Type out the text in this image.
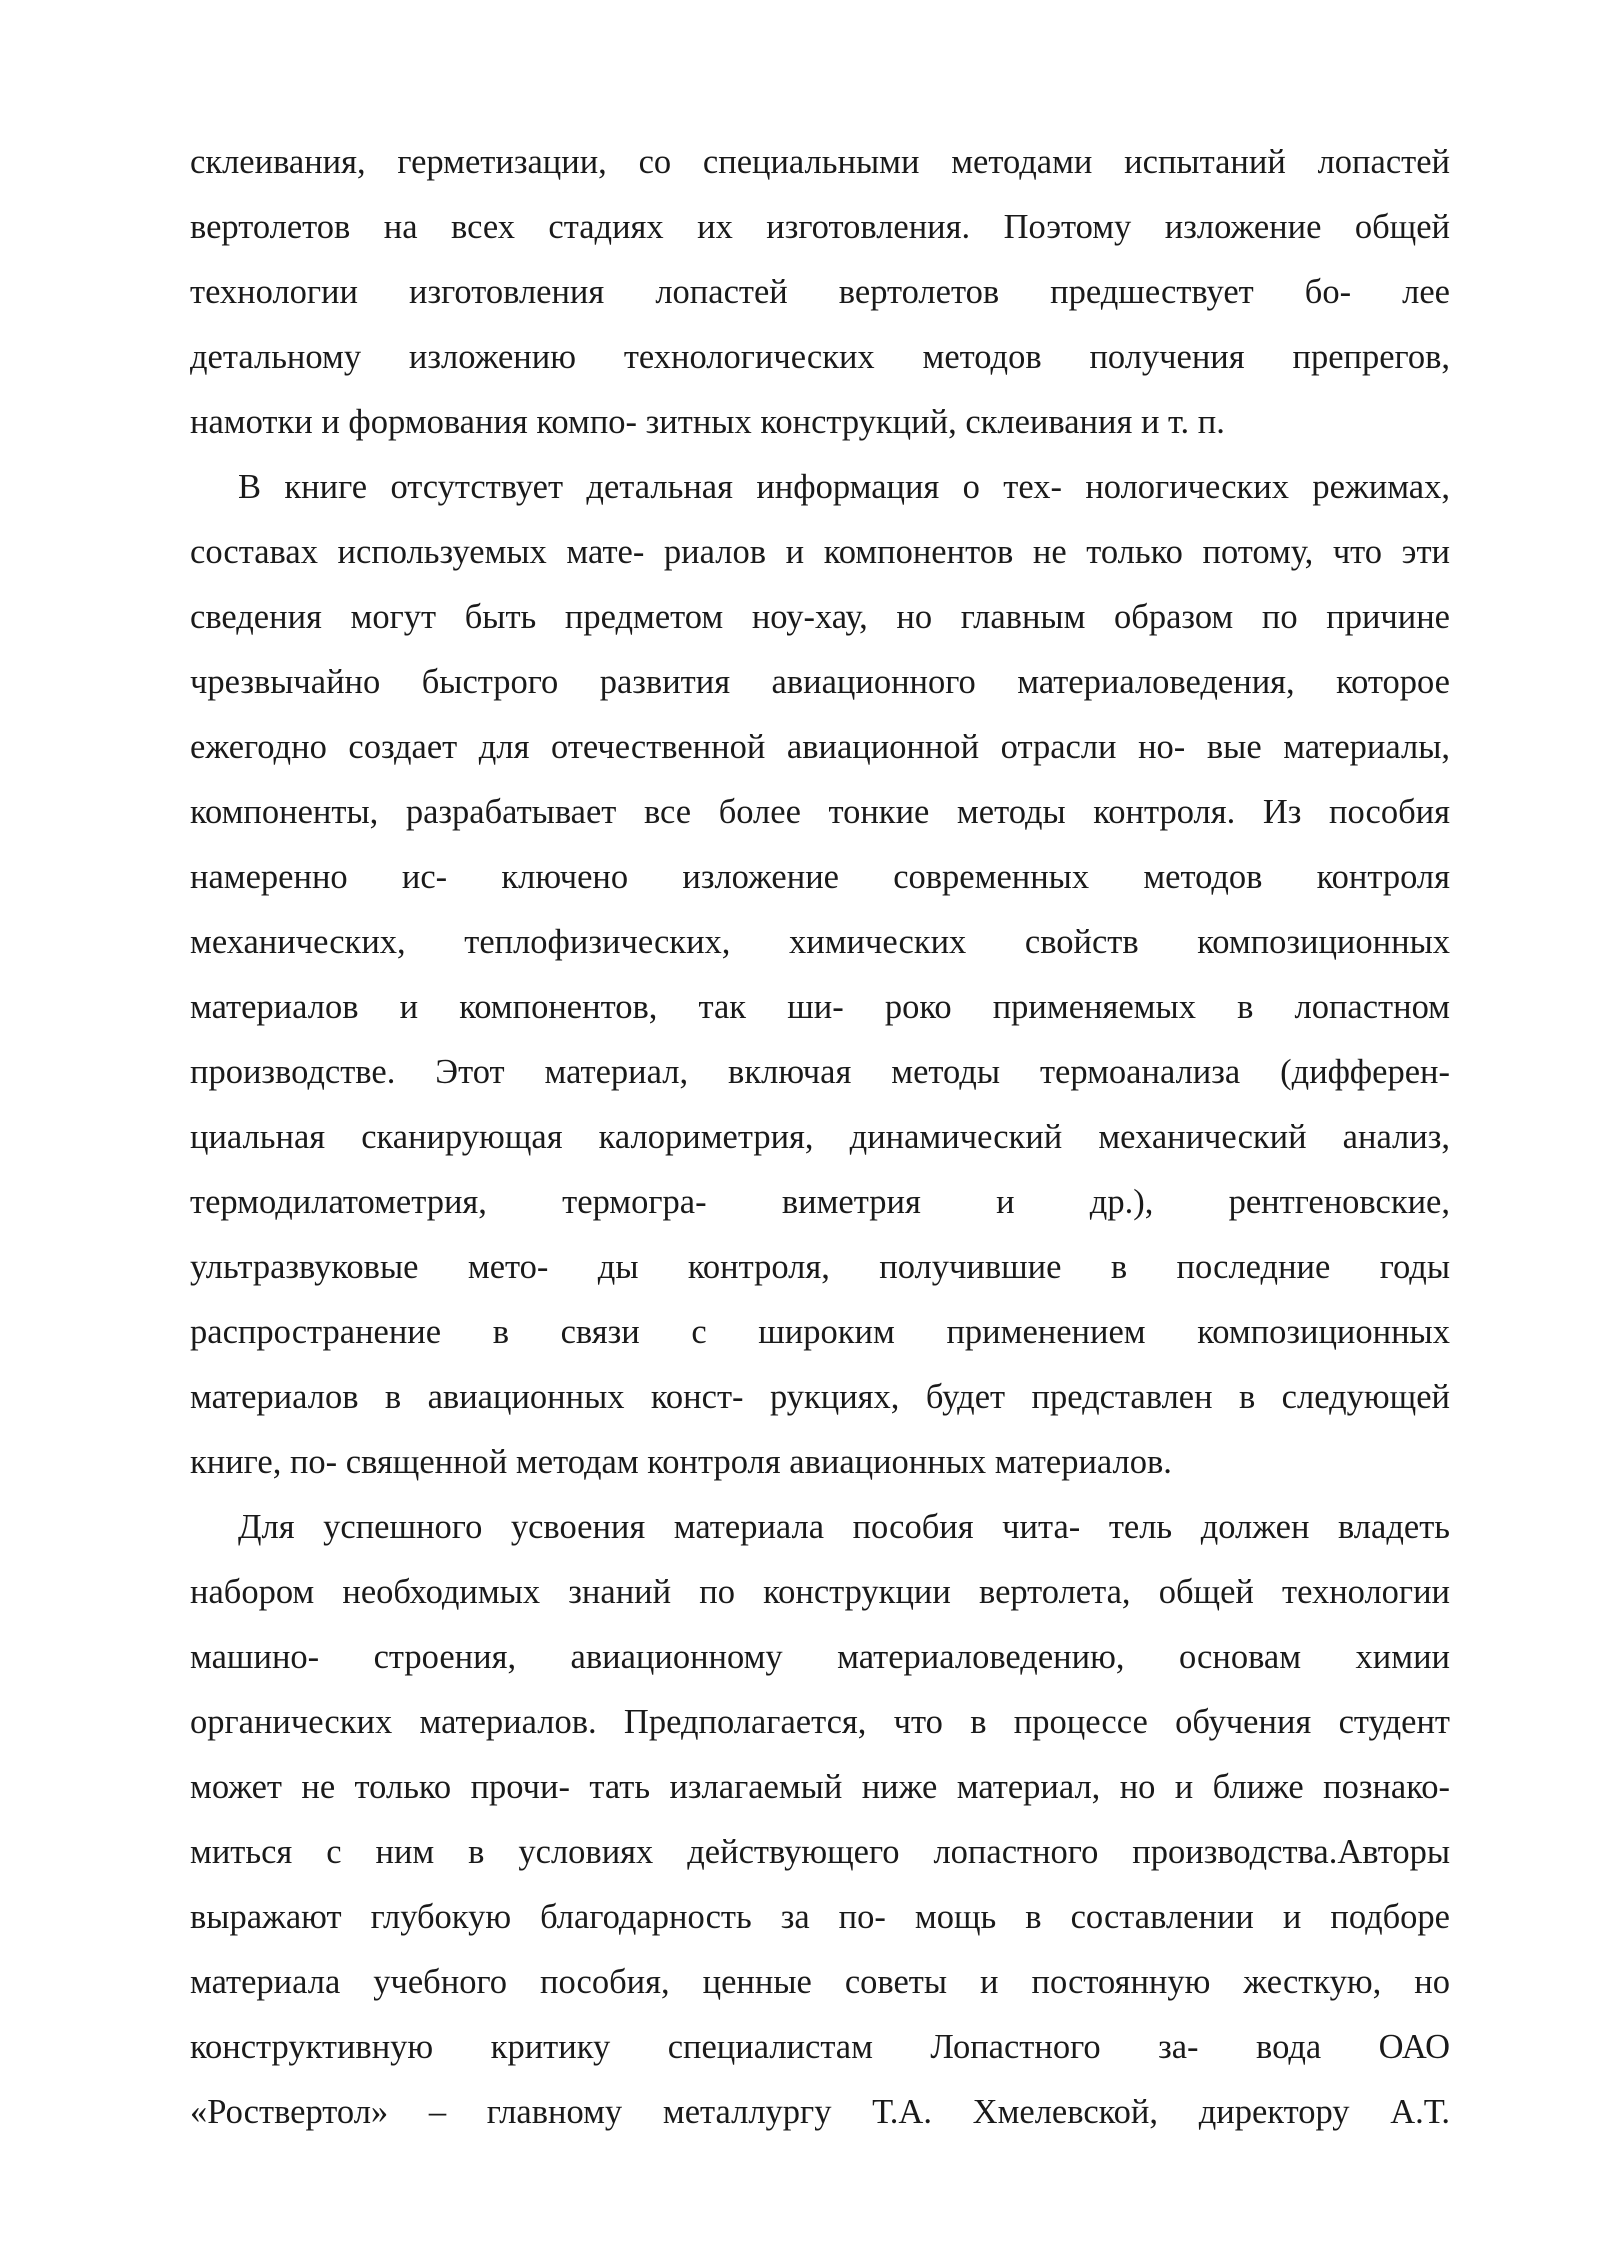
склеивания, герметизации, со специальными методами испытаний лопастей
вертолетов на всех стадиях их изготовления. Поэтому изложение общей
технологии изготовления лопастей вертолетов предшествует бо- лее
детальному изложению технологических методов получения препрегов,
намотки и формования компо- зитных конструкций, склеивания и т. п.
В книге отсутствует детальная информация о тех- нологических режимах,
составах используемых мате- риалов и компонентов не только потому, что эти
сведения могут быть предметом ноу-хау, но главным образом по причине
чрезвычайно быстрого развития авиационного материаловедения, которое
ежегодно создает для отечественной авиационной отрасли но- вые материалы,
компоненты, разрабатывает все более тонкие методы контроля. Из пособия
намеренно ис- ключено изложение современных методов контроля
механических, теплофизических, химических свойств композиционных
материалов и компонентов, так ши- роко применяемых в лопастном
производстве. Этот материал, включая методы термоанализа (дифферен-
циальная сканирующая калориметрия, динамический механический анализ,
термодилатометрия, термогра- виметрия и др.), рентгеновские,
ультразвуковые мето- ды контроля, получившие в последние годы
распространение в связи с широким применением композиционных
материалов в авиационных конст- рукциях, будет представлен в следующей
книге, по- священной методам контроля авиационных материалов.
Для успешного усвоения материала пособия чита- тель должен владеть
набором необходимых знаний по конструкции вертолета, общей технологии
машино- строения, авиационному материаловедению, основам химии
органических материалов. Предполагается, что в процессе обучения студент
может не только прочи- тать излагаемый ниже материал, но и ближе познако-
миться с ним в условиях действующего лопастного производства.Авторы
выражают глубокую благодарность за по- мощь в составлении и подборе
материала учебного пособия, ценные советы и постоянную жесткую, но
конструктивную критику специалистам Лопастного за- вода ОАО
«Роствертол» – главному металлургу Т.А. Хмелевской, директору А.Т.
